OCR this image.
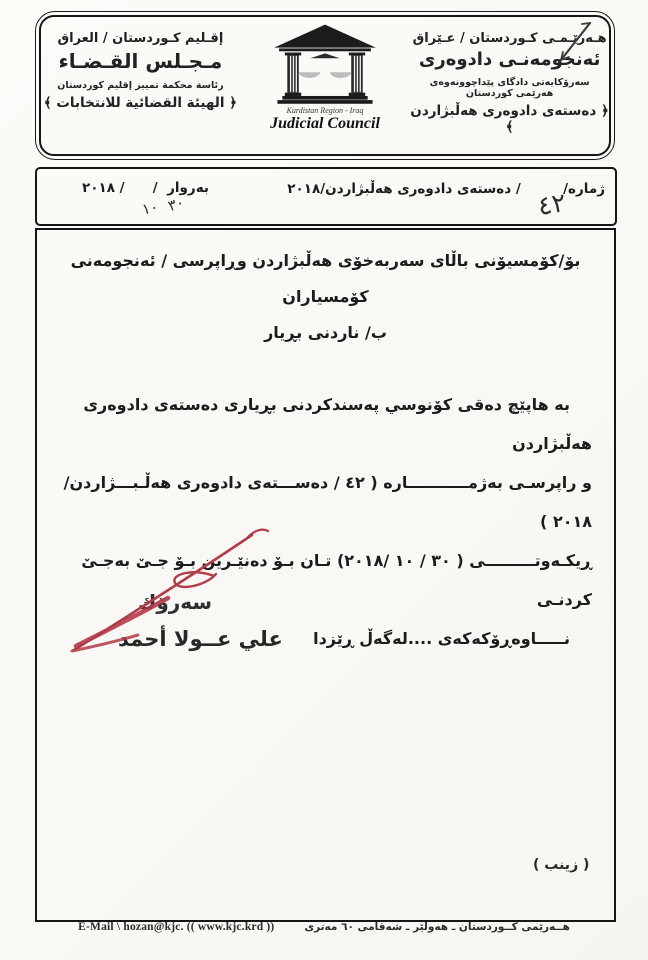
إقـليم كـوردستان / العراق
مـجـلس القـضـاء
رئاسة محكمة تمييز إقليم كوردستان
﴿ الهيئة القضائية للانتخابات ﴾	Kurdistan Region - Iraq
Judicial Council
هـەرێـمـی كـوردستان / عـێراق
ئەنجومەنـی دادوەری
سەرۆكايەتی دادگای پێداچوونەوەی هەرێمی كوردستان
﴿ دەستەی دادوەری هەڵبژاردن ﴾
ژماره/         / دەستەی دادوەری هەڵبژاردن/٢٠١٨
بەروار  /      / ٢٠١٨	٤٢
٣٠
١٠
بۆ/كۆمسیۆنی باڵای سەربەخۆی هەڵبژاردن وڕاپرسی / ئەنجومەنی كۆمسیاران
ب/ ناردنی بڕیار
بە هاپێچ دەقی كۆنوسي پەسندكردنی بڕیاری دەستەی دادوەری هەڵبژاردن
و راپرسـی بەژمـــــــــــاره ( ٤٢ / دەســـتەی دادوەری هەڵـبـــژاردن/ ٢٠١٨ )
ڕیكـەوتـــــــــی ( ٣٠ / ١٠ /٢٠١٨) تـان بـۆ دەنێـرین بـۆ جـێ بەجـێ كردنـی
نـــــاوەڕۆكەكەی ....لەگەڵ ڕێزدا
سەرۆك
علي عــولا أحمد
( زينب )
E-Mail \ hozan@kjc. (( www.kjc.krd ))	هــەرێمی كــوردستان ـ هەولێر ـ شەقامی ٦٠ مەتری
